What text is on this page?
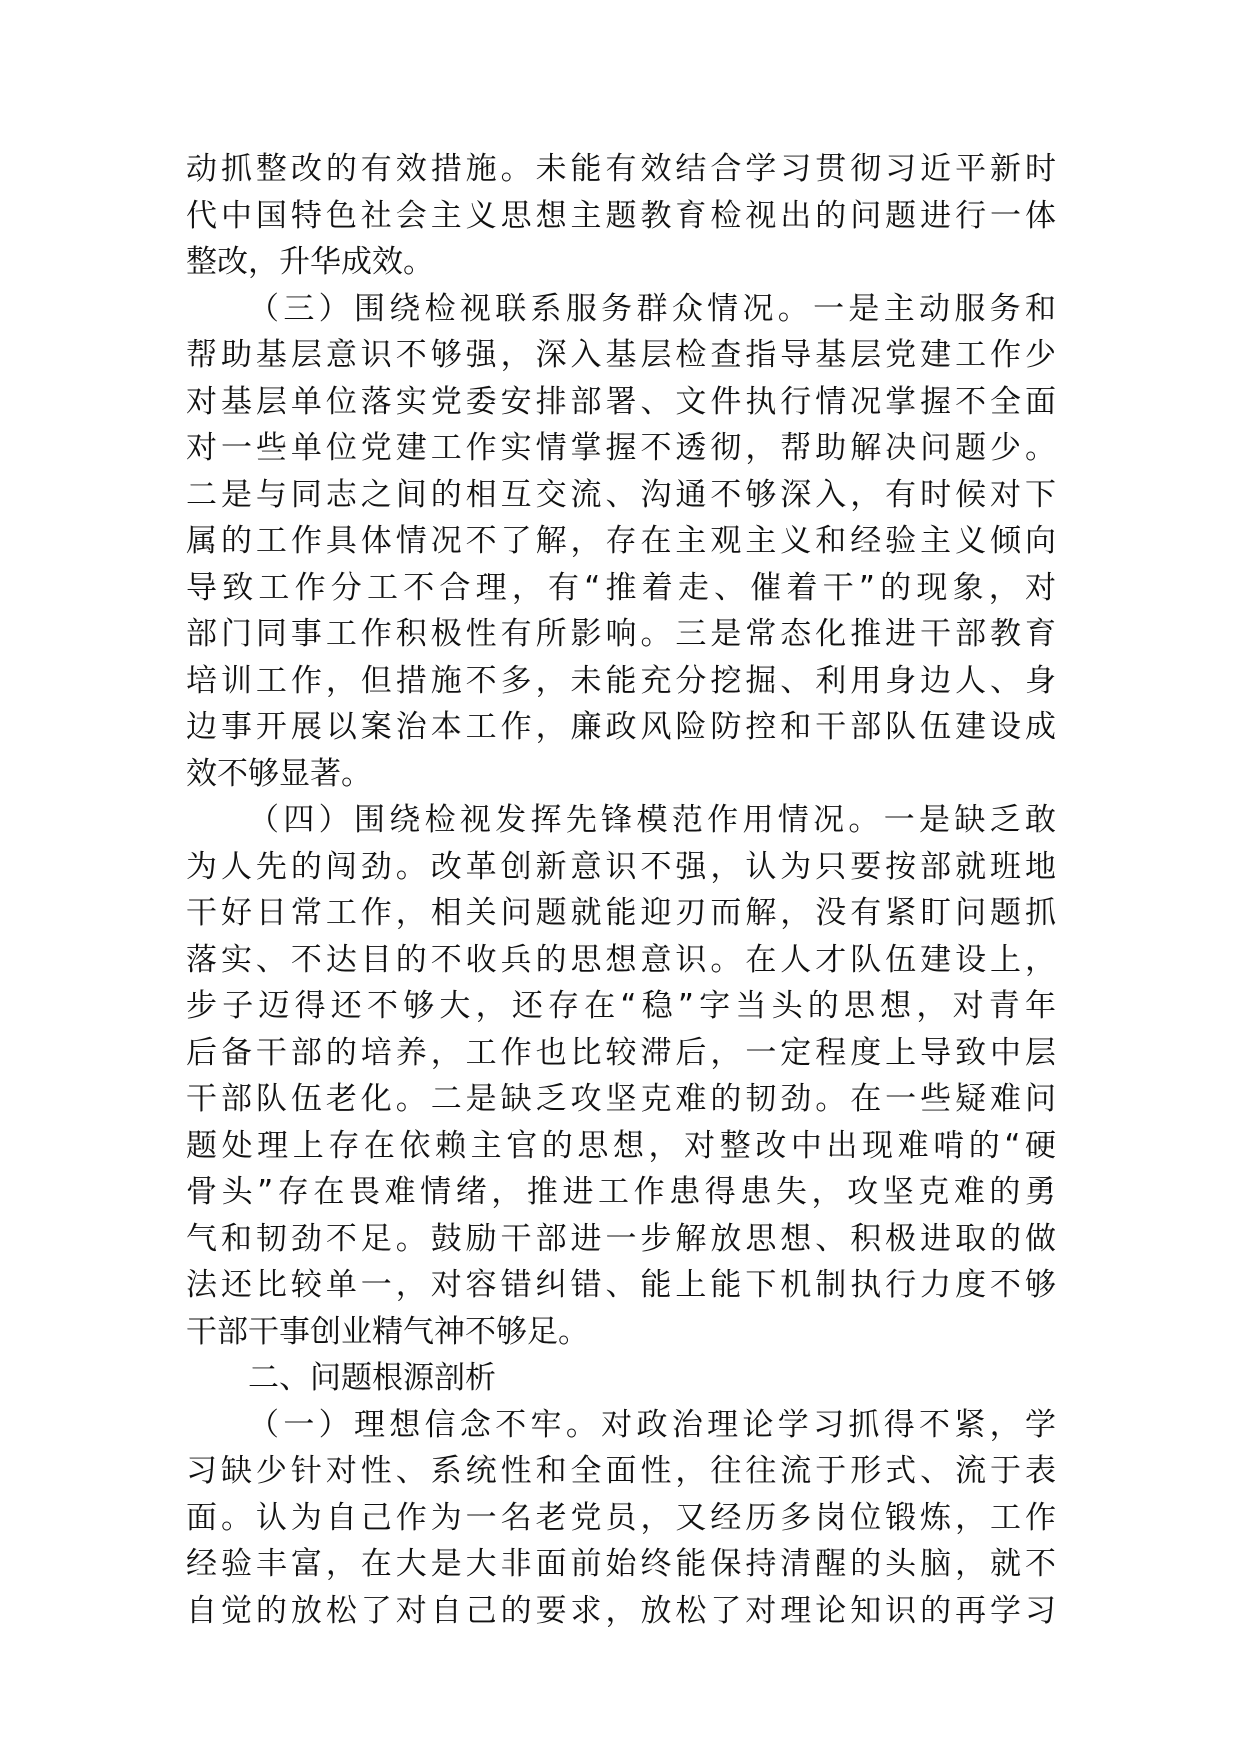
动抓整改的有效措施。未能有效结合学习贯彻习近平新时
代中国特色社会主义思想主题教育检视出的问题进行一体
整改，升华成效。
（三）围绕检视联系服务群众情况。一是主动服务和
帮助基层意识不够强，深入基层检查指导基层党建工作少
对基层单位落实党委安排部署、文件执行情况掌握不全面
对一些单位党建工作实情掌握不透彻，帮助解决问题少。
二是与同志之间的相互交流、沟通不够深入，有时候对下
属的工作具体情况不了解，存在主观主义和经验主义倾向
导致工作分工不合理，有“推着走、催着干”的现象，对
部门同事工作积极性有所影响。三是常态化推进干部教育
培训工作，但措施不多，未能充分挖掘、利用身边人、身
边事开展以案治本工作，廉政风险防控和干部队伍建设成
效不够显著。
（四）围绕检视发挥先锋模范作用情况。一是缺乏敢
为人先的闯劲。改革创新意识不强，认为只要按部就班地
干好日常工作，相关问题就能迎刃而解，没有紧盯问题抓
落实、不达目的不收兵的思想意识。在人才队伍建设上，
步子迈得还不够大，还存在“稳”字当头的思想，对青年
后备干部的培养，工作也比较滞后，一定程度上导致中层
干部队伍老化。二是缺乏攻坚克难的韧劲。在一些疑难问
题处理上存在依赖主官的思想，对整改中出现难啃的“硬
骨头”存在畏难情绪，推进工作患得患失，攻坚克难的勇
气和韧劲不足。鼓励干部进一步解放思想、积极进取的做
法还比较单一，对容错纠错、能上能下机制执行力度不够
干部干事创业精气神不够足。
二、问题根源剖析
（一）理想信念不牢。对政治理论学习抓得不紧，学
习缺少针对性、系统性和全面性，往往流于形式、流于表
面。认为自己作为一名老党员，又经历多岗位锻炼，工作
经验丰富，在大是大非面前始终能保持清醒的头脑，就不
自觉的放松了对自己的要求，放松了对理论知识的再学习
